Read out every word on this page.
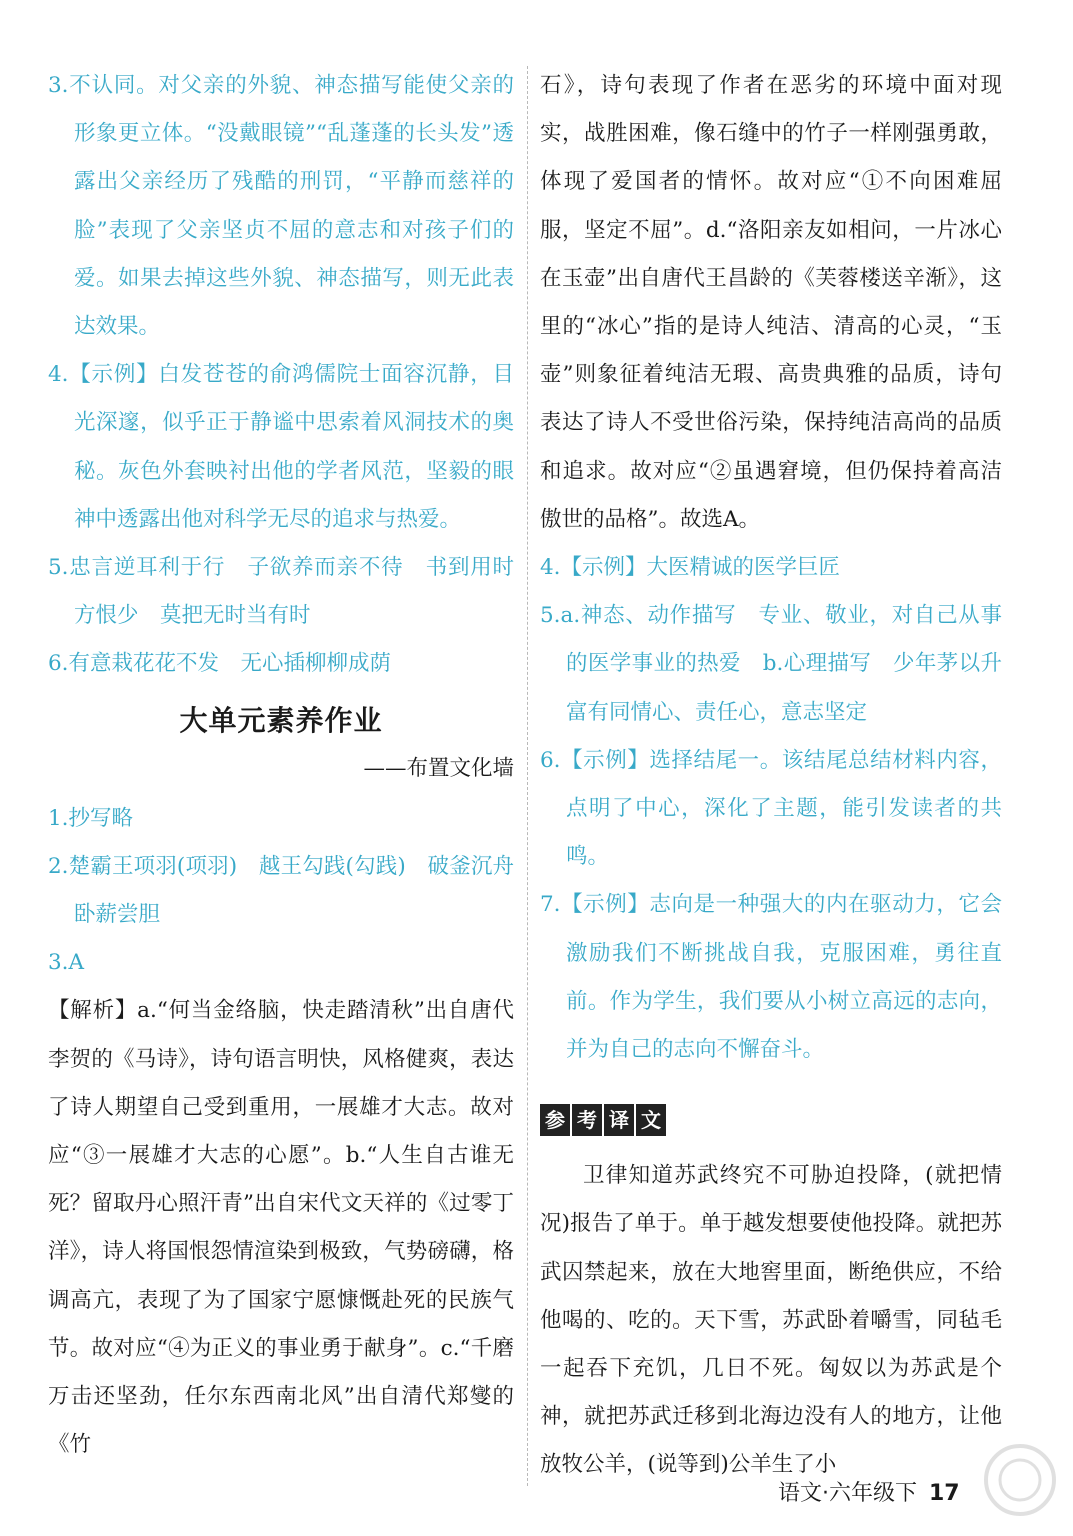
3.不认同。对父亲的外貌、神态描写能使父亲的形象更立体。“没戴眼镜”“乱蓬蓬的长头发”透露出父亲经历了残酷的刑罚，“平静而慈祥的脸”表现了父亲坚贞不屈的意志和对孩子们的爱。如果去掉这些外貌、神态描写，则无此表达效果。

4.【示例】白发苍苍的俞鸿儒院士面容沉静，目光深邃，似乎正于静谧中思索着风洞技术的奥秘。灰色外套映衬出他的学者风范，坚毅的眼神中透露出他对科学无尽的追求与热爱。

5.忠言逆耳利于行　子欲养而亲不待　书到用时方恨少　莫把无时当有时

6.有意栽花花不发　无心插柳柳成荫

大单元素养作业
——布置文化墙

1.抄写略

2.楚霸王项羽(项羽)　越王勾践(勾践)　破釜沉舟　卧薪尝胆

3.A

【解析】a.“何当金络脑，快走踏清秋”出自唐代李贺的《马诗》，诗句语言明快，风格健爽，表达了诗人期望自己受到重用，一展雄才大志。故对应“③一展雄才大志的心愿”。b.“人生自古谁无死？留取丹心照汗青”出自宋代文天祥的《过零丁洋》，诗人将国恨怨情渲染到极致，气势磅礴，格调高亢，表现了为了国家宁愿慷慨赴死的民族气节。故对应“④为正义的事业勇于献身”。c.“千磨万击还坚劲，任尔东西南北风”出自清代郑燮的《竹

石》，诗句表现了作者在恶劣的环境中面对现实，战胜困难，像石缝中的竹子一样刚强勇敢，体现了爱国者的情怀。故对应“①不向困难屈服，坚定不屈”。d.“洛阳亲友如相问，一片冰心在玉壶”出自唐代王昌龄的《芙蓉楼送辛渐》，这里的“冰心”指的是诗人纯洁、清高的心灵，“玉壶”则象征着纯洁无瑕、高贵典雅的品质，诗句表达了诗人不受世俗污染，保持纯洁高尚的品质和追求。故对应“②虽遇窘境，但仍保持着高洁傲世的品格”。故选A。

4.【示例】大医精诚的医学巨匠

5.a.神态、动作描写　专业、敬业，对自己从事的医学事业的热爱　b.心理描写　少年茅以升富有同情心、责任心，意志坚定

6.【示例】选择结尾一。该结尾总结材料内容，点明了中心，深化了主题，能引发读者的共鸣。

7.【示例】志向是一种强大的内在驱动力，它会激励我们不断挑战自我，克服困难，勇往直前。作为学生，我们要从小树立高远的志向，并为自己的志向不懈奋斗。

参 考 译 文

卫律知道苏武终究不可胁迫投降，(就把情况)报告了单于。单于越发想要使他投降。就把苏武囚禁起来，放在大地窖里面，断绝供应，不给他喝的、吃的。天下雪，苏武卧着嚼雪，同毡毛一起吞下充饥，几日不死。匈奴以为苏武是个神，就把苏武迁移到北海边没有人的地方，让他放牧公羊，(说等到)公羊生了小

语文·六年级下 17
